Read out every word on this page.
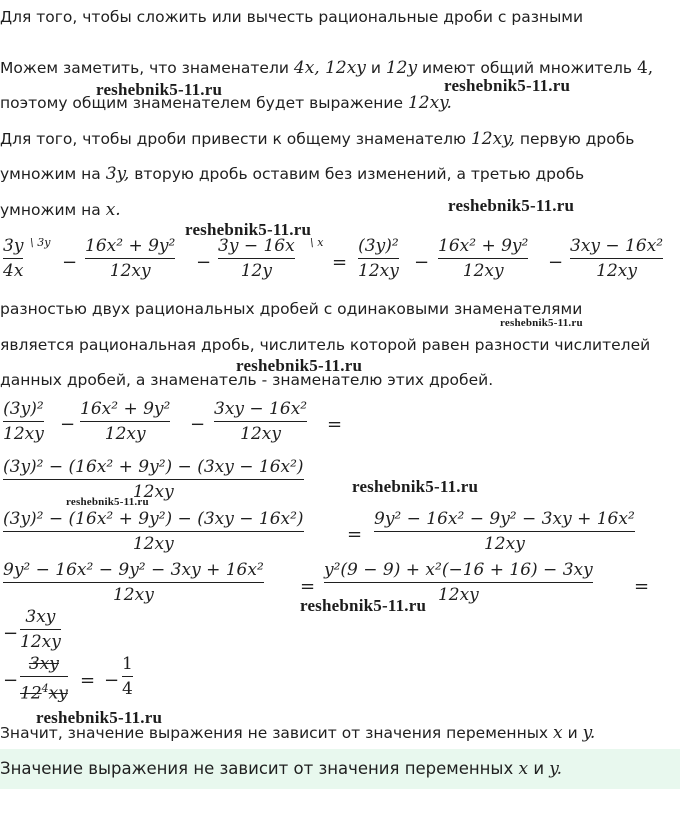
Для того, чтобы сложить или вычесть рациональные дроби с разными
Можем заметить, что знаменатели 4x, 12xy и 12y имеют общий множитель 4,
поэтому общим знаменателем будет выражение 12xy.
Для того, чтобы дроби привести к общему знаменателю 12xy, первую дробь
умножим на 3y, вторую дробь оставим без изменений, а третью дробь
умножим на x.
3y
4x
\ 3y
−
16x² + 9y²
12xy	−
3y − 16x
12y
\ x
=
(3y)²
12xy −
16x² + 9y²
12xy −
3xy − 16x²
12xy
разностью двух рациональных дробей с одинаковыми знаменателями
является рациональная дробь, числитель которой равен разности числителей
данных дробей, а знаменатель - знаменателю этих дробей.
(3y)²
12xy −
16x² + 9y²
12xy −
3xy − 16x²
12xy	=
(3y)² − (16x² + 9y²) − (3xy − 16x²)
12xy
(3y)² − (16x² + 9y²) − (3xy − 16x²)
12xy	=
9y² − 16x² − 9y² − 3xy + 16x²
12xy
9y² − 16x² − 9y² − 3xy + 16x²
12xy	=
y²(9 − 9) + x²(−16 + 16) − 3xy
12xy	=
−
3xy
12xy
−
3xy
$12^4xy$
= −
1
4
Значит, значение выражения не зависит от значения переменных x и y.
Значение выражения не зависит от значения переменных x и y.
reshebnik5-11.ru	reshebnik5-11.ru
reshebnik5-11.ru
reshebnik5-11.ru
reshebnik5-11.ru
reshebnik5-11.ru
reshebnik5-11.ru
reshebnik5-11.ru
reshebnik5-11.ru
reshebnik5-11.ru
